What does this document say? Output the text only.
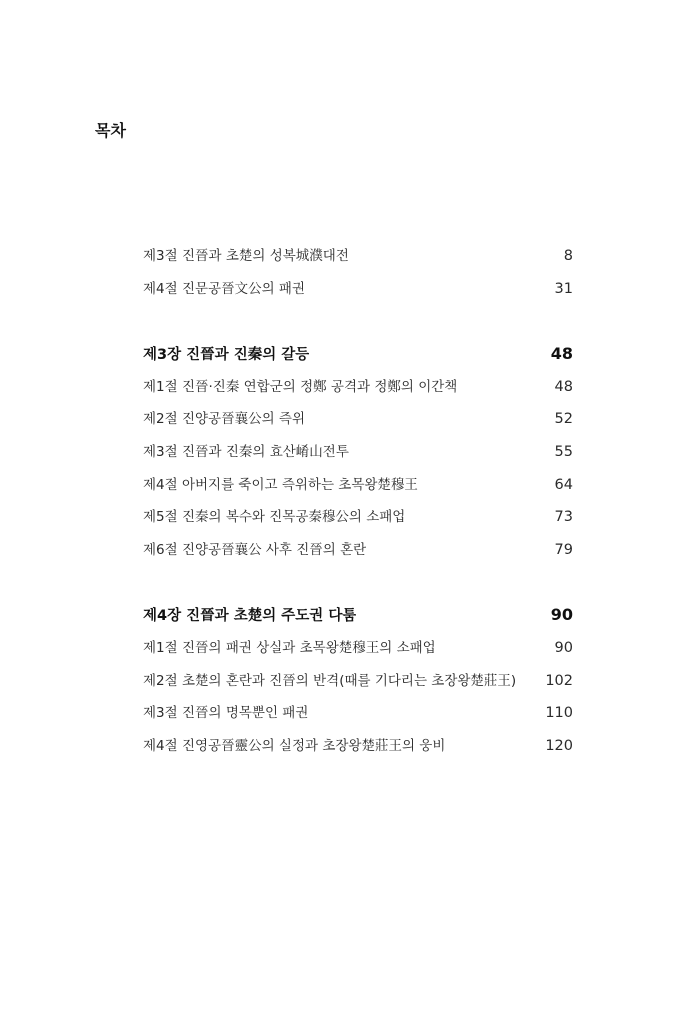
목차
제3절 진晉과 초楚의 성복城濮대전	8
제4절 진문공晉文公의 패권	31
제3장 진晉과 진秦의 갈등	48
제1절 진晉·진秦 연합군의 정鄭 공격과 정鄭의 이간책	48
제2절 진양공晉襄公의 즉위	52
제3절 진晉과 진秦의 효산崤山전투	55
제4절 아버지를 죽이고 즉위하는 초목왕楚穆王	64
제5절 진秦의 복수와 진목공秦穆公의 소패업	73
제6절 진양공晉襄公 사후 진晉의 혼란	79
제4장 진晉과 초楚의 주도권 다툼	90
제1절 진晉의 패권 상실과 초목왕楚穆王의 소패업	90
제2절 초楚의 혼란과 진晉의 반격(때를 기다리는 초장왕楚莊王)	102
제3절 진晉의 명목뿐인 패권	110
제4절 진영공晉靈公의 실정과 초장왕楚莊王의 웅비	120
